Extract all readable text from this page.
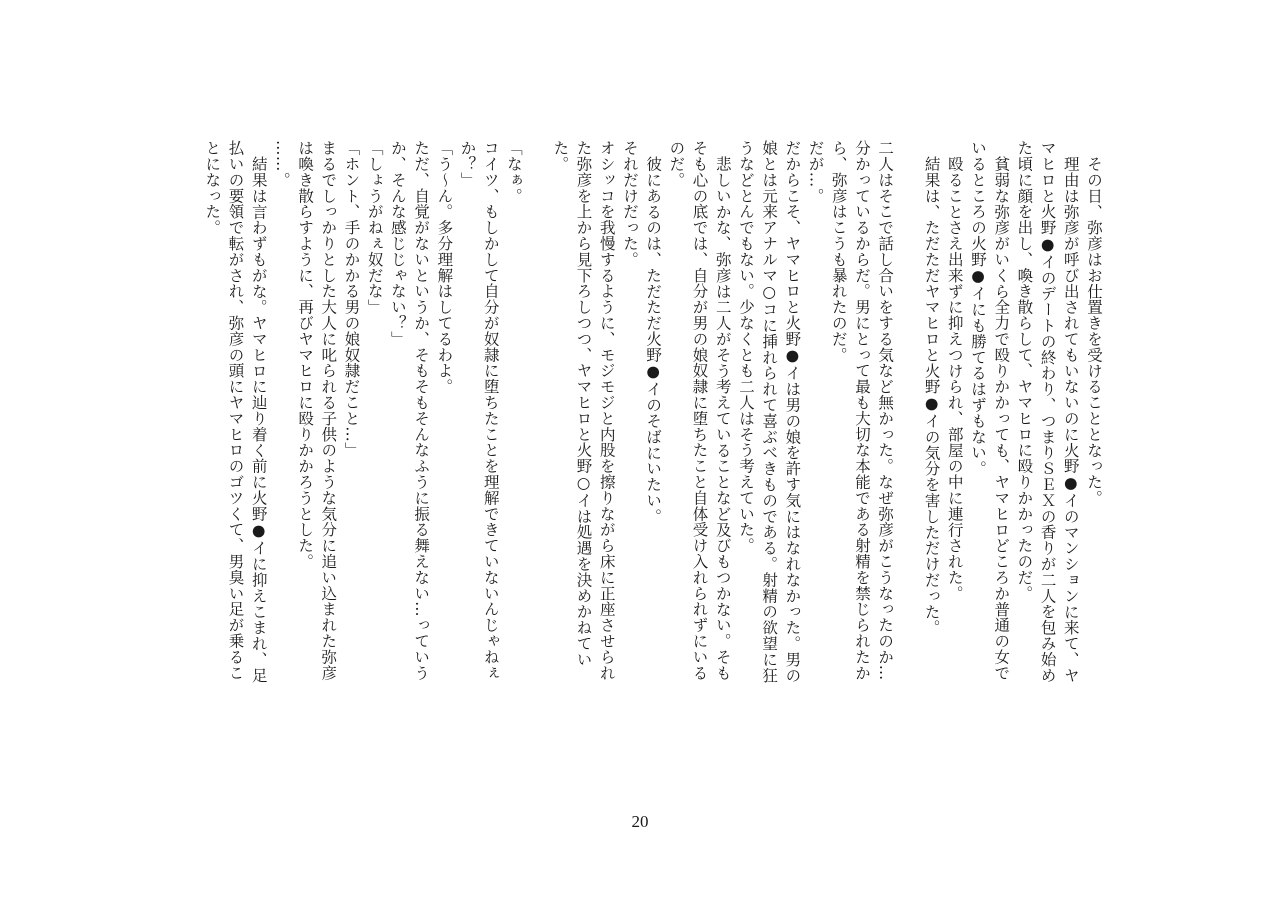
その日、弥彦はお仕置きを受けることとなった。

理由は弥彦が呼び出されてもいないのに火野●イのマンションに来て、ヤマヒロと火野●イのデートの終わり、つまりＳＥＸの香りが二人を包み始めた頃に顔を出し、喚き散らして、ヤマヒロに殴りかかったのだ。

貧弱な弥彦がいくら全力で殴りかかっても、ヤマヒロどころか普通の女でいるところの火野●イにも勝てるはずもない。

殴ることさえ出来ずに抑えつけられ、部屋の中に連行された。

結果は、ただただヤマヒロと火野●イの気分を害しただけだった。

二人はそこで話し合いをする気など無かった。なぜ弥彦がこうなったのか…分かっているからだ。男にとって最も大切な本能である射精を禁じられたから、弥彦はこうも暴れたのだ。

だが…。

だからこそ、ヤマヒロと火野●イは男の娘を許す気にはなれなかった。男の娘とは元来アナルマ○コに挿れられて喜ぶべきものである。射精の欲望に狂うなどとんでもない。少なくとも二人はそう考えていた。

悲しいかな、弥彦は二人がそう考えていることなど及びもつかない。そもそも心の底では、自分が男の娘奴隷に堕ちたこと自体受け入れられずにいるのだ。

彼にあるのは、ただただ火野●イのそばにいたい。

それだけだった。

オシッコを我慢するように、モジモジと内股を擦りながら床に正座させられた弥彦を上から見下ろしつつ、ヤマヒロと火野○イは処遇を決めかねていた。

「なぁ。

コイツ、もしかして自分が奴隷に堕ちたことを理解できていないんじゃねぇか？」

「う～ん。多分理解はしてるわよ。

ただ、自覚がないというか、そもそもそんなふうに振る舞えない…っていうか、そんな感じじゃない？」

「しょうがねぇ奴だな」

「ホント、手のかかる男の娘奴隷だこと…」

まるでしっかりとした大人に叱られる子供のような気分に追い込まれた弥彦は喚き散らすように、再びヤマヒロに殴りかかろうとした。

……。

結果は言わずもがな。ヤマヒロに辿り着く前に火野●イに抑えこまれ、足払いの要領で転がされ、弥彦の頭にヤマヒロのゴツくて、男臭い足が乗ることになった。

20
